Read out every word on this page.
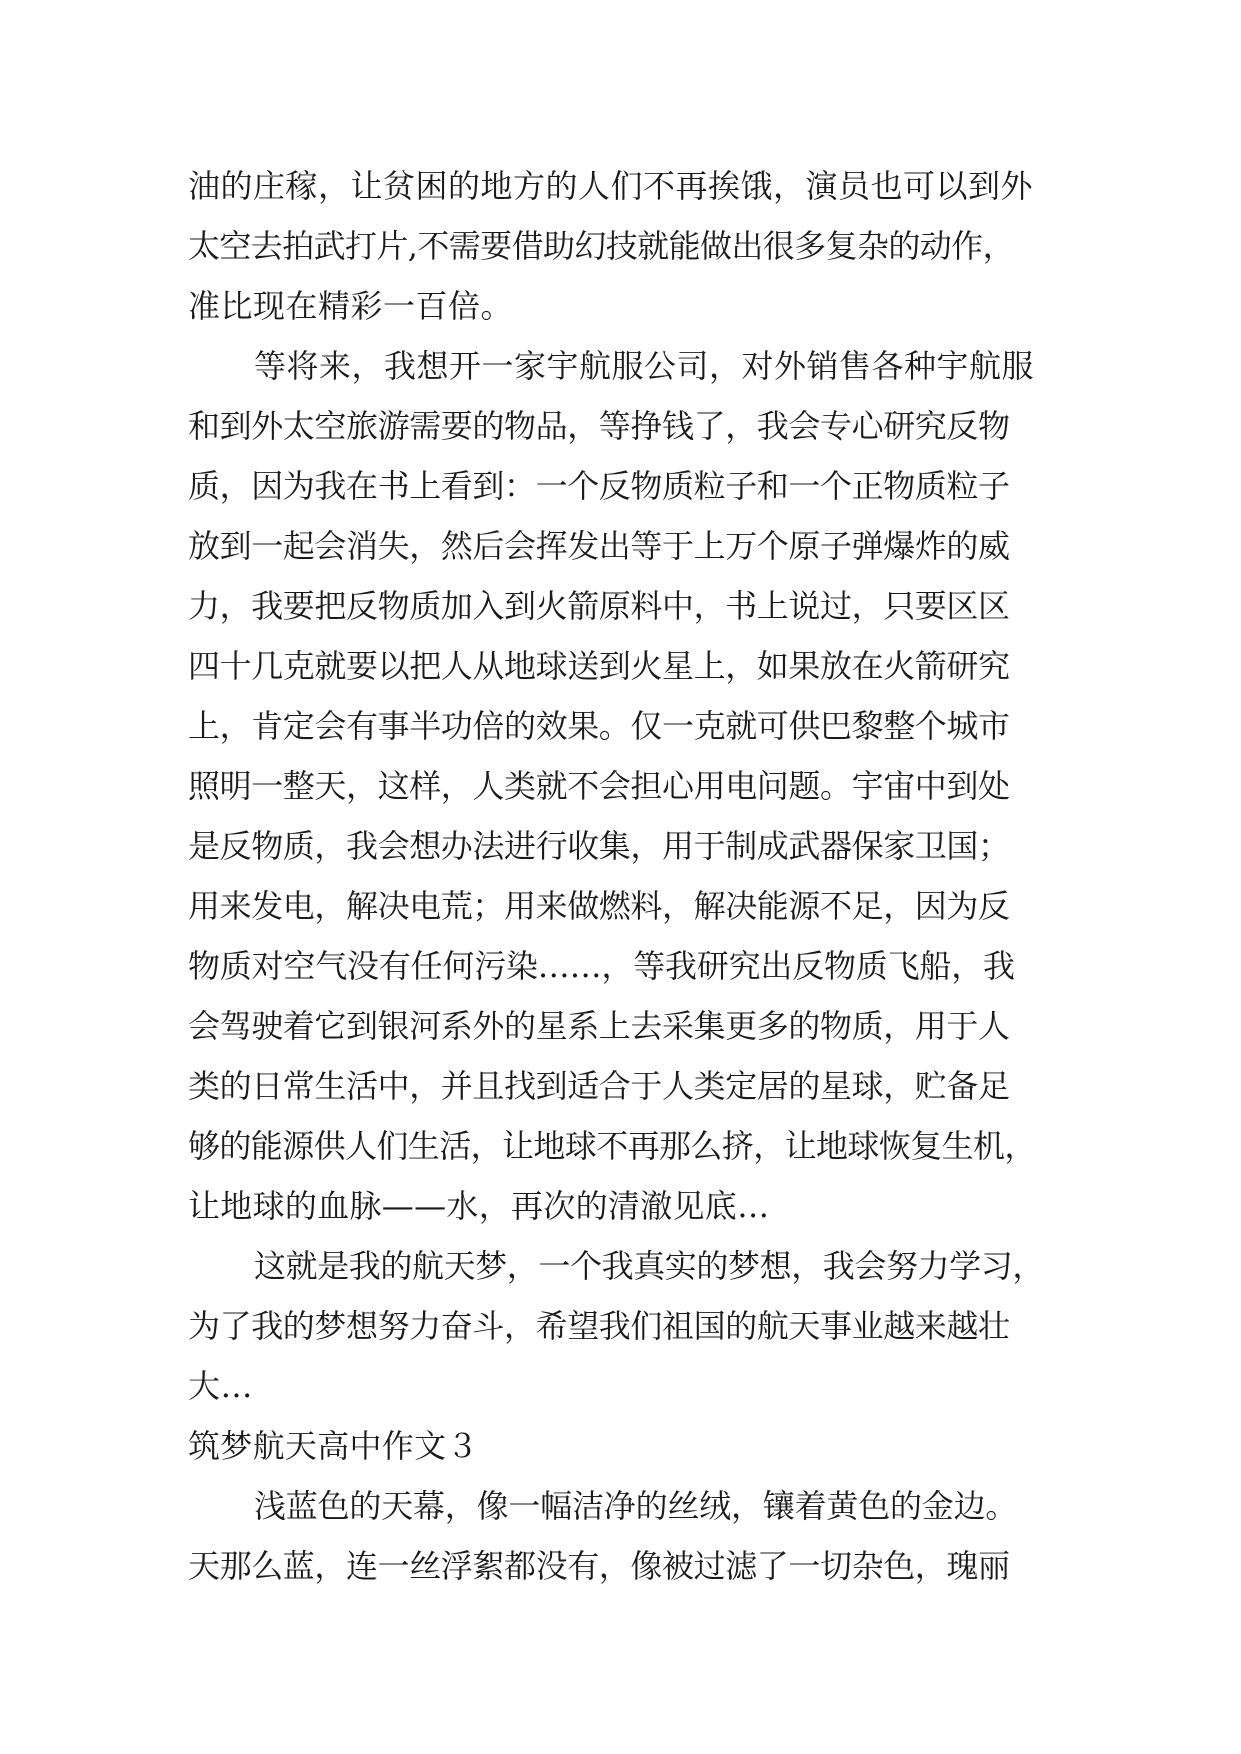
油的庄稼，让贫困的地方的人们不再挨饿，演员也可以到外
太空去拍武打片,不需要借助幻技就能做出很多复杂的动作，
准比现在精彩一百倍。
等将来，我想开一家宇航服公司，对外销售各种宇航服
和到外太空旅游需要的物品，等挣钱了，我会专心研究反物
质，因为我在书上看到：一个反物质粒子和一个正物质粒子
放到一起会消失，然后会挥发出等于上万个原子弹爆炸的威
力，我要把反物质加入到火箭原料中，书上说过，只要区区
四十几克就要以把人从地球送到火星上，如果放在火箭研究
上，肯定会有事半功倍的效果。仅一克就可供巴黎整个城市
照明一整天，这样，人类就不会担心用电问题。宇宙中到处
是反物质，我会想办法进行收集，用于制成武器保家卫国；
用来发电，解决电荒；用来做燃料，解决能源不足，因为反
物质对空气没有任何污染……，等我研究出反物质飞船，我
会驾驶着它到银河系外的星系上去采集更多的物质，用于人
类的日常生活中，并且找到适合于人类定居的星球，贮备足
够的能源供人们生活，让地球不再那么挤，让地球恢复生机，
让地球的血脉——水，再次的清澈见底…
这就是我的航天梦，一个我真实的梦想，我会努力学习，
为了我的梦想努力奋斗，希望我们祖国的航天事业越来越壮
大…
筑梦航天高中作文３
浅蓝色的天幕，像一幅洁净的丝绒，镶着黄色的金边。
天那么蓝，连一丝浮絮都没有，像被过滤了一切杂色，瑰丽
